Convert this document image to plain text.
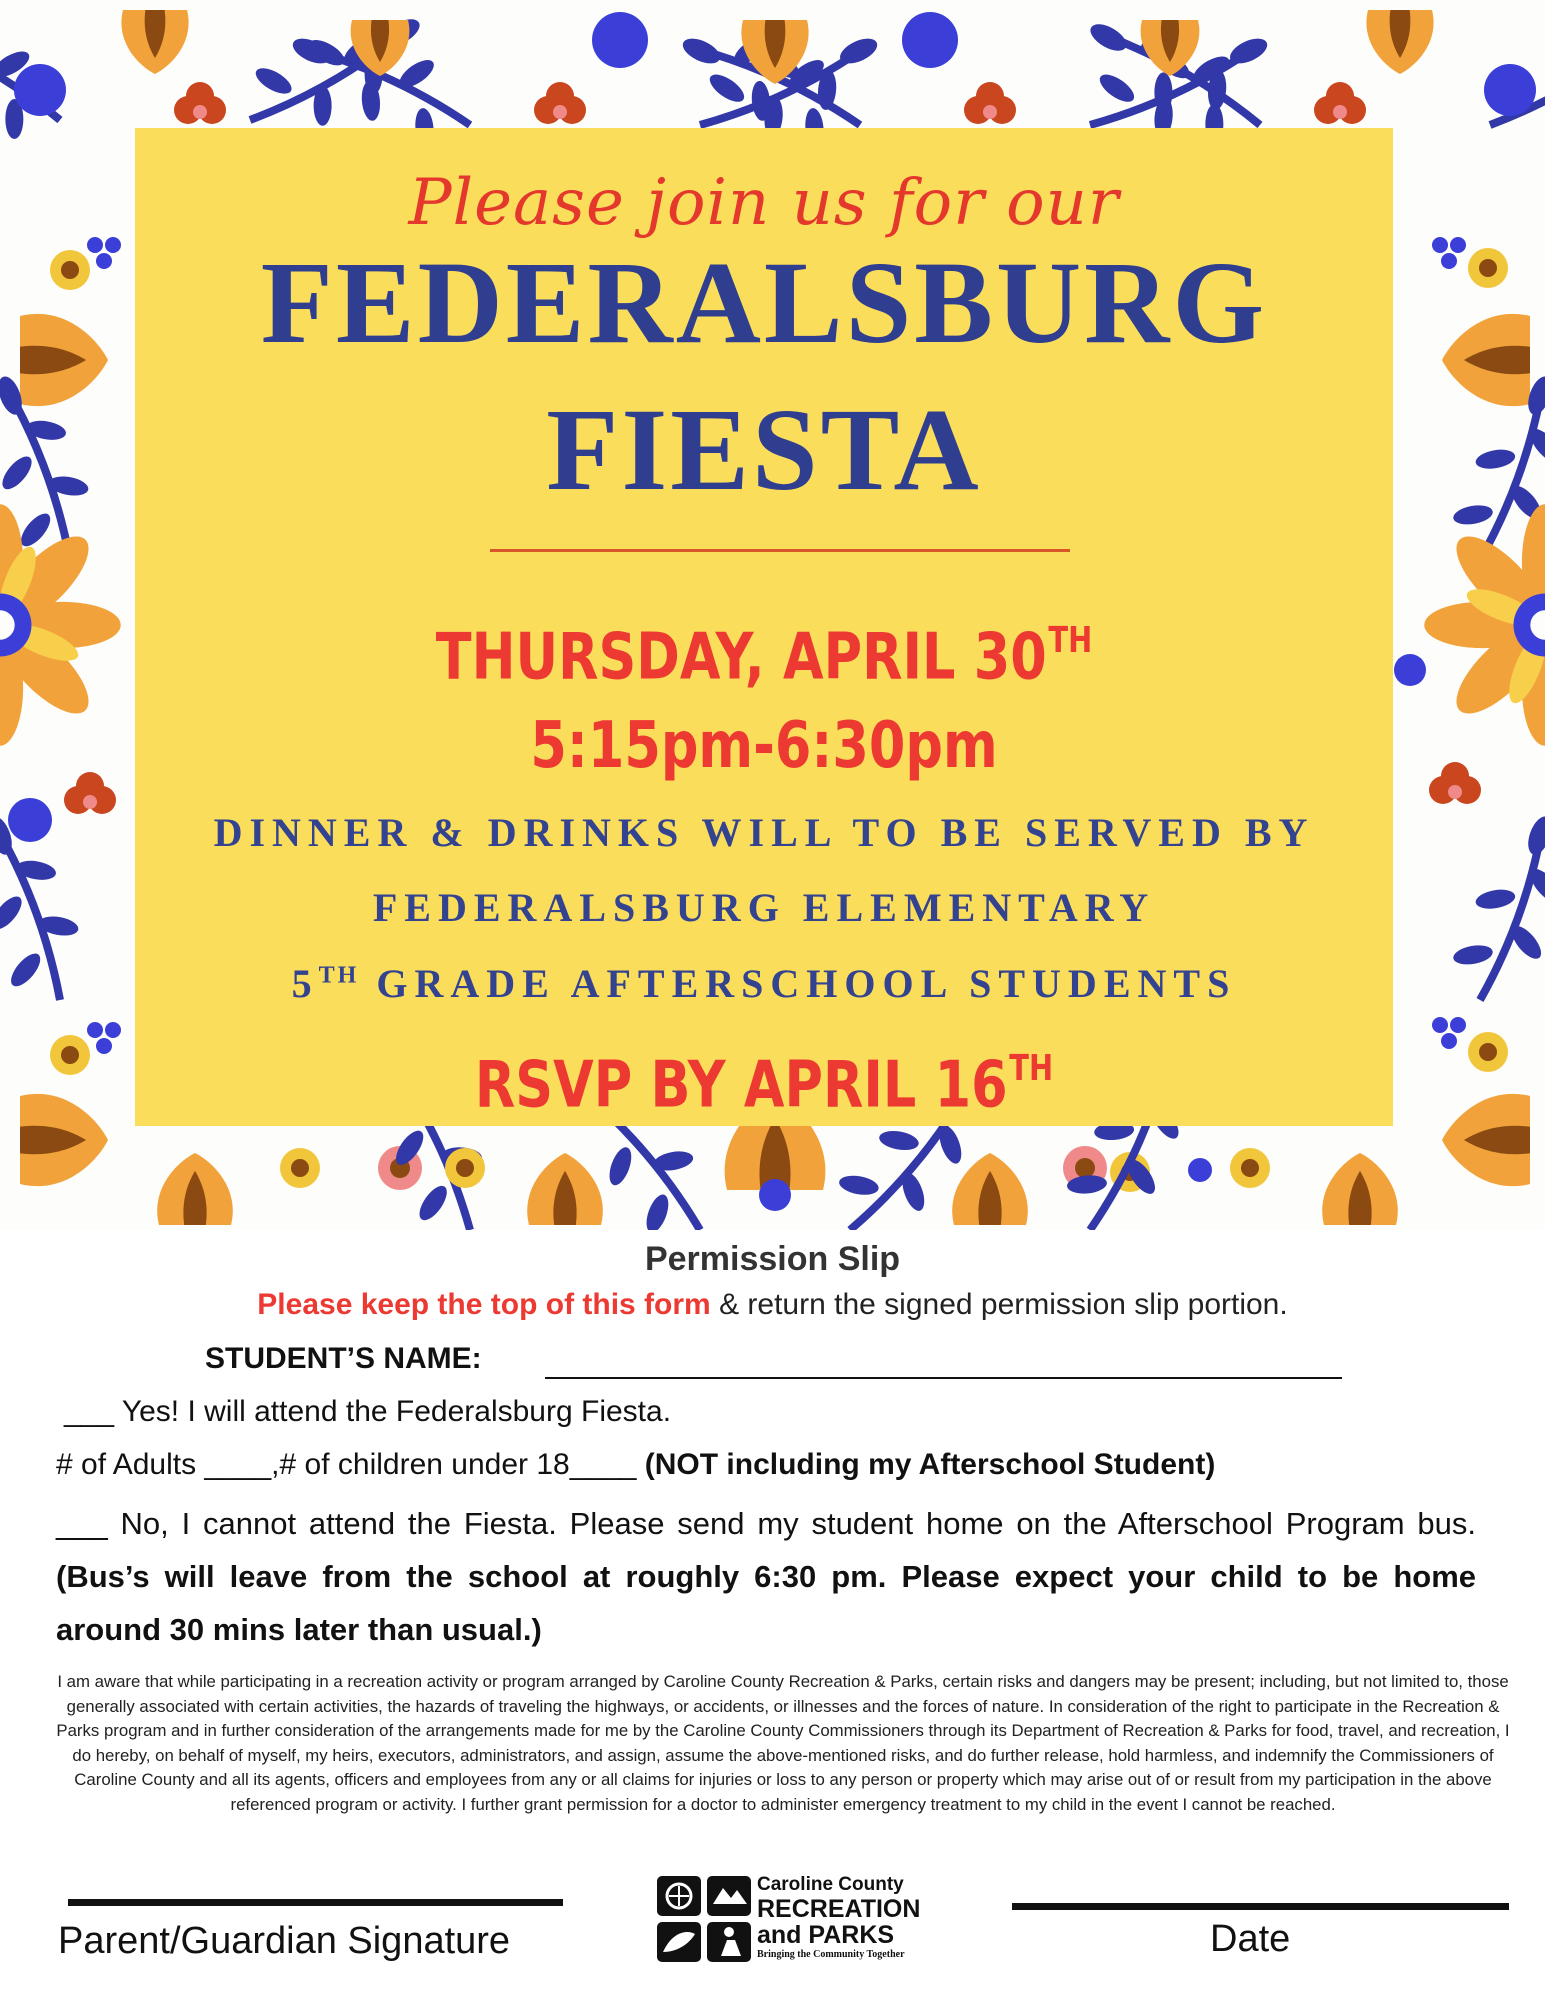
Please join us for our
FEDERALSBURG
FIESTA
THURSDAY, APRIL 30TH
5:15pm-6:30pm
DINNER & DRINKS WILL TO BE SERVED BY
FEDERALSBURG ELEMENTARY
5TH GRADE AFTERSCHOOL STUDENTS
RSVP BY APRIL 16TH
Permission Slip
Please keep the top of this form & return the signed permission slip portion.
STUDENT’S NAME:
___ Yes! I will attend the Federalsburg Fiesta.
# of Adults ____,# of children under 18____ (NOT including my Afterschool Student)
___ No, I cannot attend the Fiesta. Please send my student home on the Afterschool Program bus. (Bus’s will leave from the school at roughly 6:30 pm. Please expect your child to be home around 30 mins later than usual.)
I am aware that while participating in a recreation activity or program arranged by Caroline County Recreation & Parks, certain risks and dangers may be present; including, but not limited to, those generally associated with certain activities, the hazards of traveling the highways, or accidents, or illnesses and the forces of nature. In consideration of the right to participate in the Recreation & Parks program and in further consideration of the arrangements made for me by the Caroline County Commissioners through its Department of Recreation & Parks for food, travel, and recreation, I do hereby, on behalf of myself, my heirs, executors, administrators, and assign, assume the above-mentioned risks, and do further release, hold harmless, and indemnify the Commissioners of Caroline County and all its agents, officers and employees from any or all claims for injuries or loss to any person or property which may arise out of or result from my participation in the above referenced program or activity. I further grant permission for a doctor to administer emergency treatment to my child in the event I cannot be reached.
Parent/Guardian Signature	Date
Caroline County
RECREATION
and PARKS
Bringing the Community Together
